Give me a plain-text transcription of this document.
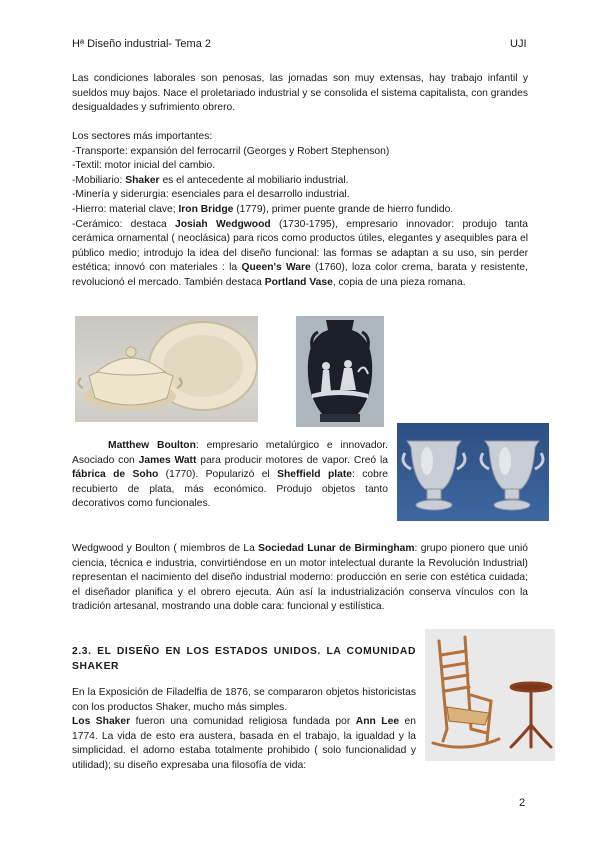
Hª Diseño industrial- Tema 2	UJI

Las condiciones laborales son penosas, las jornadas son muy extensas, hay trabajo infantil y sueldos muy bajos. Nace el proletariado industrial y se consolida el sistema capitalista, con grandes desigualdades y sufrimiento obrero.

Los sectores más importantes:

-Transporte: expansión del ferrocarril (Georges y Robert Stephenson)

-Textil: motor inicial del cambio.

-Mobiliario: Shaker es el antecedente al mobiliario industrial.

-Minería y siderurgia: esenciales para el desarrollo industrial.

-Hierro: material clave; Iron Bridge (1779), primer puente grande de hierro fundido.

-Cerámico: destaca Josiah Wedgwood (1730-1795), empresario innovador: produjo tanta cerámica ornamental ( neoclásica) para ricos como productos útiles, elegantes y asequibles para el público medio; introdujo la idea del diseño funcional: las formas se adaptan a su uso, sin perder estética; innovó con materiales : la Queen's Ware (1760), loza color crema, barata y resistente, revolucionó el mercado. También destaca Portland Vase, copia de una pieza romana.

Matthew Boulton: empresario metalúrgico e innovador. Asociado con James Watt para producir motores de vapor. Creó la fábrica de Soho (1770). Popularizó el Sheffield plate: cobre recubierto de plata, más económico. Produjo objetos tanto decorativos como funcionales.

Wedgwood y Boulton ( miembros de La Sociedad Lunar de Birmingham: grupo pionero que unió ciencia, técnica e industria, convirtiéndose en un motor intelectual durante la Revolución Industrial) representan el nacimiento del diseño industrial moderno: producción en serie con estética cuidada; el diseñador planifica y el obrero ejecuta. Aún así la industrialización conserva vínculos con la tradición artesanal, mostrando una doble cara: funcional y estilística.

2.3. EL DISEÑO EN LOS ESTADOS UNIDOS. LA COMUNIDAD SHAKER

En la Exposición de Filadelfia de 1876, se compararon objetos historicistas con los productos Shaker, mucho más simples.

Los Shaker fueron una comunidad religiosa fundada por Ann Lee en 1774. La vida de esto era austera, basada en el trabajo, la igualdad y la simplicidad. el adorno estaba totalmente prohibido ( solo funcionalidad y utilidad); su diseño expresaba una filosofía de vida:

2
